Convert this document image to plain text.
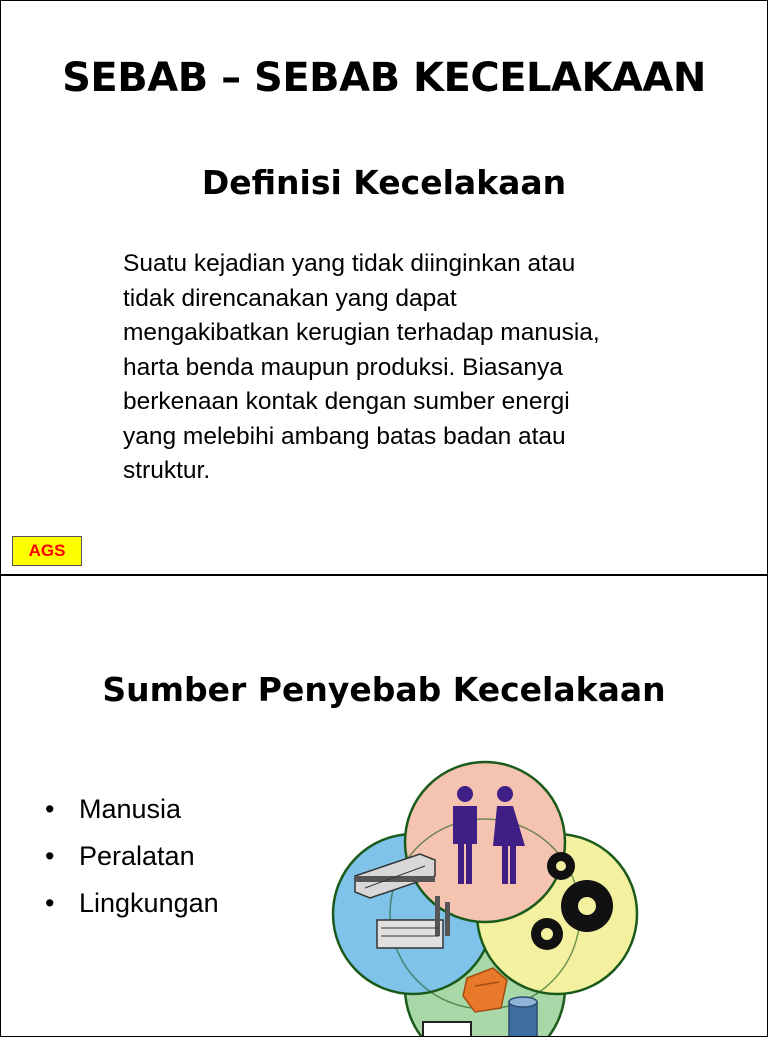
SEBAB – SEBAB KECELAKAAN
Definisi Kecelakaan

Suatu kejadian yang tidak diinginkan atau
tidak direncanakan yang dapat
mengakibatkan kerugian terhadap manusia,
harta benda maupun produksi. Biasanya
berkenaan kontak dengan sumber energi
yang melebihi ambang batas badan atau
struktur.

AGS
Sumber Penyebab Kecelakaan
• Manusia
• Peralatan
• Lingkungan
